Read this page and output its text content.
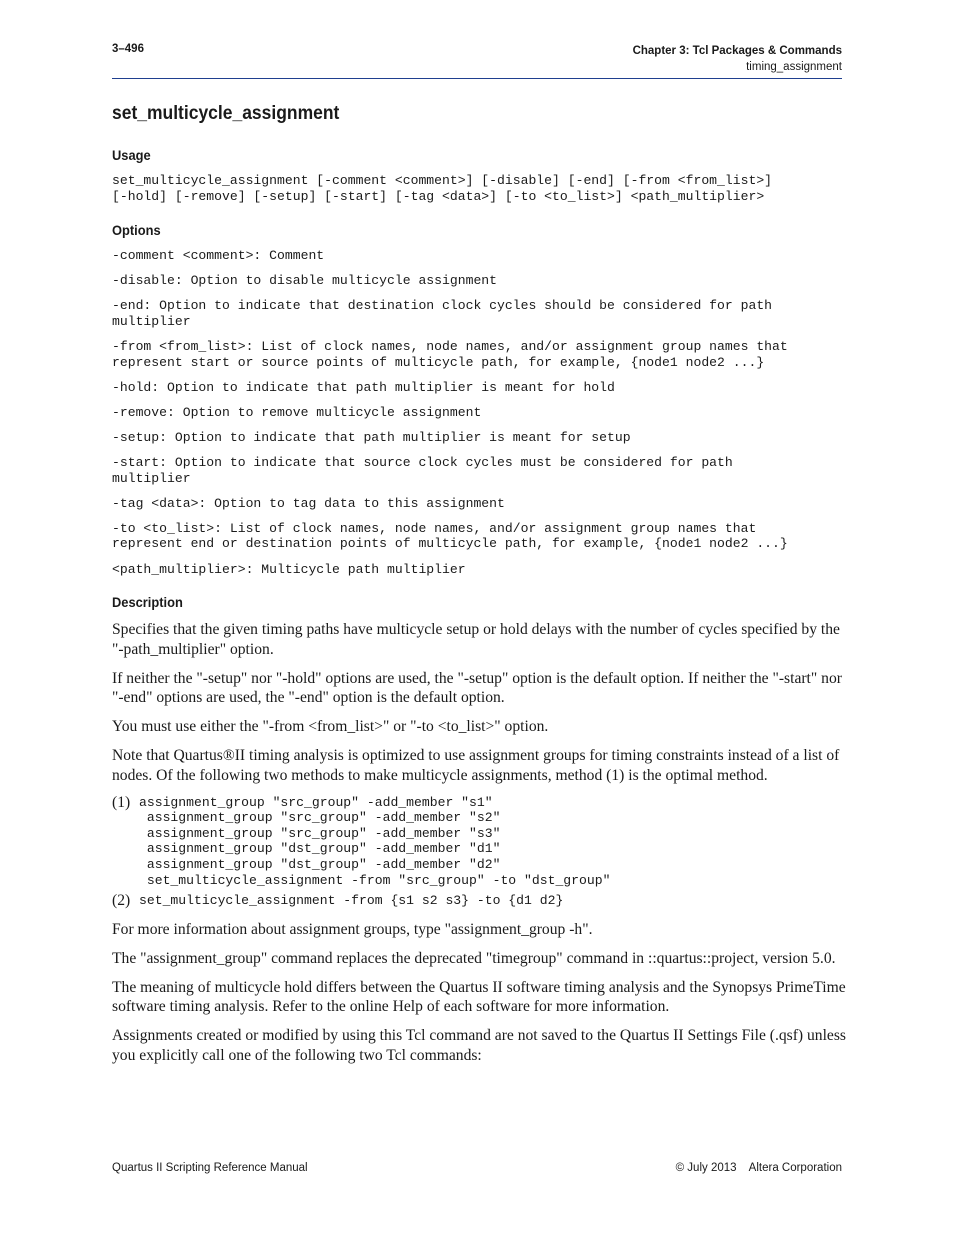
3–496	Chapter 3: Tcl Packages & Commands
timing_assignment
set_multicycle_assignment
Usage
set_multicycle_assignment [-comment <comment>] [-disable] [-end] [-from <from_list>]
[-hold] [-remove] [-setup] [-start] [-tag <data>] [-to <to_list>] <path_multiplier>
Options
-comment <comment>: Comment
-disable: Option to disable multicycle assignment
-end: Option to indicate that destination clock cycles should be considered for path
multiplier
-from <from_list>: List of clock names, node names, and/or assignment group names that
represent start or source points of multicycle path, for example, {node1 node2 ...}
-hold: Option to indicate that path multiplier is meant for hold
-remove: Option to remove multicycle assignment
-setup: Option to indicate that path multiplier is meant for setup
-start: Option to indicate that source clock cycles must be considered for path
multiplier
-tag <data>: Option to tag data to this assignment
-to <to_list>: List of clock names, node names, and/or assignment group names that
represent end or destination points of multicycle path, for example, {node1 node2 ...}
<path_multiplier>: Multicycle path multiplier
Description

Specifies that the given timing paths have multicycle setup or hold delays with the number of cycles specified by the "-path_multiplier" option.

If neither the "-setup" nor "-hold" options are used, the "-setup" option is the default option. If neither the "-start" nor "-end" options are used, the "-end" option is the default option.

You must use either the "-from <from_list>" or "-to <to_list>" option.

Note that Quartus®II timing analysis is optimized to use assignment groups for timing constraints instead of a list of nodes. Of the following two methods to make multicycle assignments, method (1) is the optimal method.

(1) assignment_group "src_group" -add_member "s1"
assignment_group "src_group" -add_member "s2"
assignment_group "src_group" -add_member "s3"
assignment_group "dst_group" -add_member "d1"
assignment_group "dst_group" -add_member "d2"
set_multicycle_assignment -from "src_group" -to "dst_group"
(2) set_multicycle_assignment -from {s1 s2 s3} -to {d1 d2}

For more information about assignment groups, type "assignment_group -h".

The "assignment_group" command replaces the deprecated "timegroup" command in ::quartus::project, version 5.0.

The meaning of multicycle hold differs between the Quartus II software timing analysis and the Synopsys PrimeTime software timing analysis. Refer to the online Help of each software for more information.

Assignments created or modified by using this Tcl command are not saved to the Quartus II Settings File (.qsf) unless you explicitly call one of the following two Tcl commands:

Quartus II Scripting Reference Manual	© July 2013    Altera Corporation
